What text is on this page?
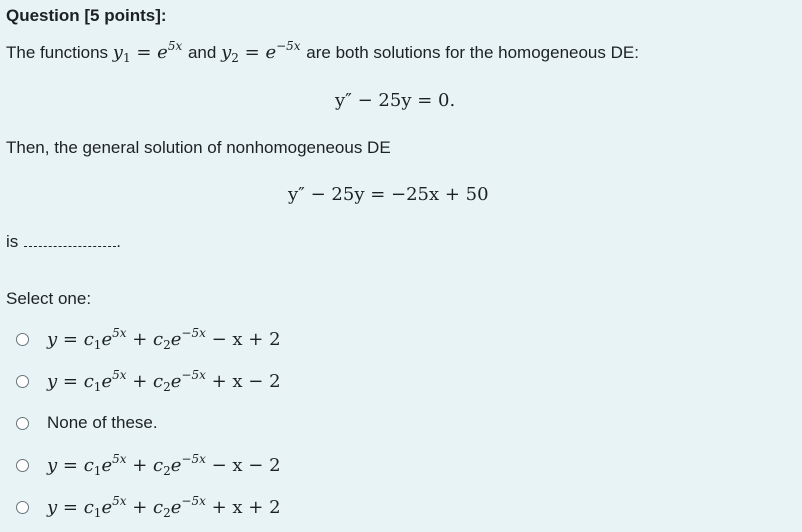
Question [5 points]:
The functions $y_1 = e^{5x}$ and $y_2 = e^{-5x}$ are both solutions for the homogeneous DE:
y″ − 25y = 0.
Then, the general solution of nonhomogeneous DE
y″ − 25y = −25x + 50
is	.
Select one:
$y = c_1e^{5x} + c_2e^{-5x} - x + 2$
$y = c_1e^{5x} + c_2e^{-5x} + x - 2$
None of these.
$y = c_1e^{5x} + c_2e^{-5x} - x - 2$
$y = c_1e^{5x} + c_2e^{-5x} + x + 2$
